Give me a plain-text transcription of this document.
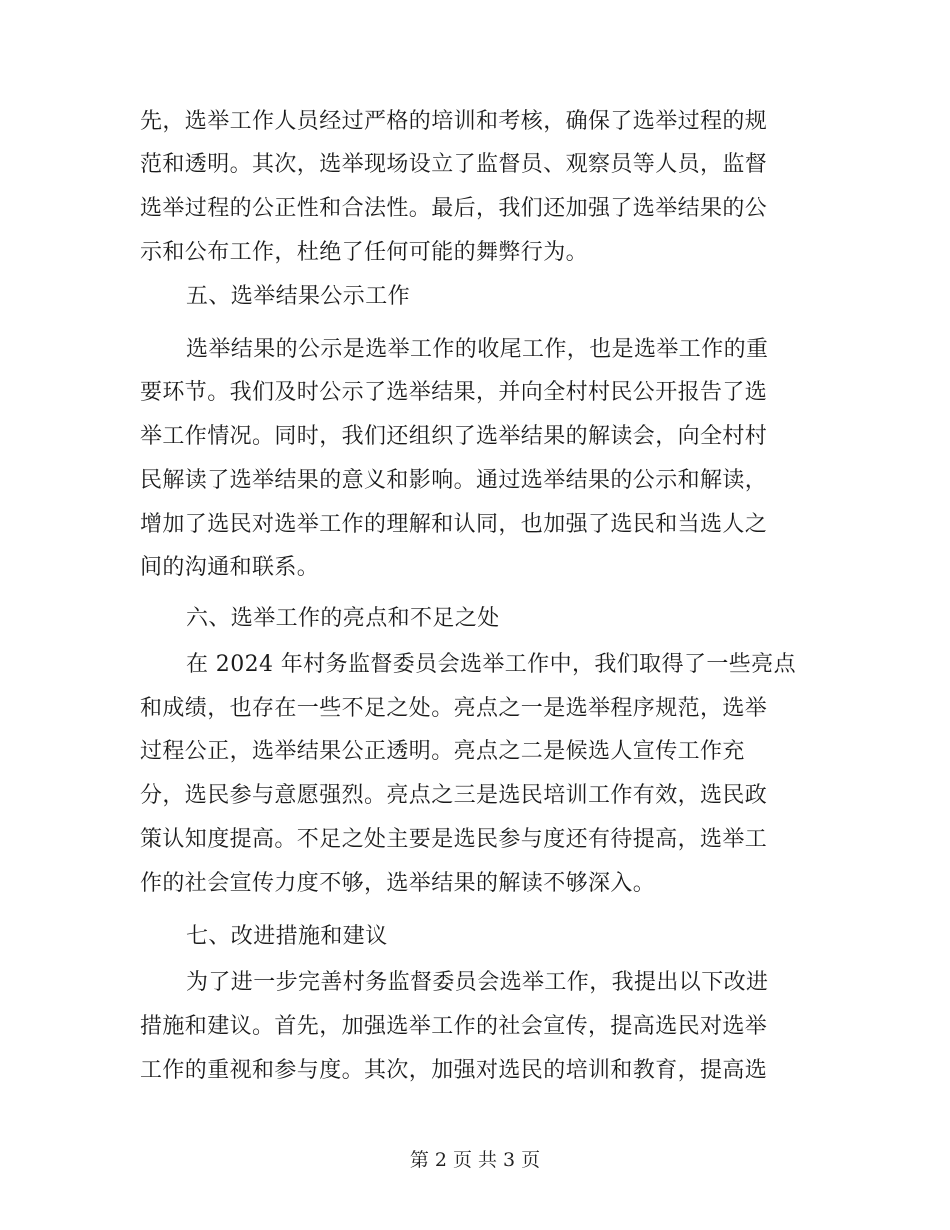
先，选举工作人员经过严格的培训和考核，确保了选举过程的规
范和透明。其次，选举现场设立了监督员、观察员等人员，监督
选举过程的公正性和合法性。最后，我们还加强了选举结果的公
示和公布工作，杜绝了任何可能的舞弊行为。
五、选举结果公示工作
选举结果的公示是选举工作的收尾工作，也是选举工作的重
要环节。我们及时公示了选举结果，并向全村村民公开报告了选
举工作情况。同时，我们还组织了选举结果的解读会，向全村村
民解读了选举结果的意义和影响。通过选举结果的公示和解读，
增加了选民对选举工作的理解和认同，也加强了选民和当选人之
间的沟通和联系。
六、选举工作的亮点和不足之处
在 2024 年村务监督委员会选举工作中，我们取得了一些亮点
和成绩，也存在一些不足之处。亮点之一是选举程序规范，选举
过程公正，选举结果公正透明。亮点之二是候选人宣传工作充
分，选民参与意愿强烈。亮点之三是选民培训工作有效，选民政
策认知度提高。不足之处主要是选民参与度还有待提高，选举工
作的社会宣传力度不够，选举结果的解读不够深入。
七、改进措施和建议
为了进一步完善村务监督委员会选举工作，我提出以下改进
措施和建议。首先，加强选举工作的社会宣传，提高选民对选举
工作的重视和参与度。其次，加强对选民的培训和教育，提高选
第 2 页 共 3 页
